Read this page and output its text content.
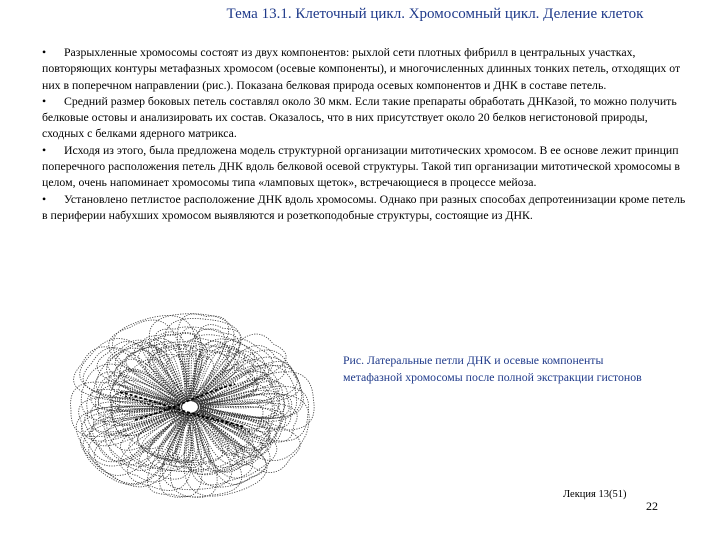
Тема 13.1. Клеточный цикл. Хромосомный цикл. Деление клеток

• Разрыхленные хромосомы состоят из двух компонентов: рыхлой сети плотных фибрилл в центральных участках, повторяющих контуры метафазных хромосом (осевые компоненты), и многочисленных длинных тонких петель, отходящих от них в поперечном направлении (рис.). Показана белковая природа осевых компонентов и ДНК в составе петель.

• Средний размер боковых петель составлял около 30 мкм. Если такие препараты обработать ДНКазой, то можно получить белковые остовы и анализировать их состав. Оказалось, что в них присутствует около 20 белков негистоновой природы, сходных с белками ядерного матрикса.

• Исходя из этого, была предложена модель структурной организации митотических хромосом. В ее основе лежит принцип поперечного расположения петель ДНК вдоль белковой осевой структуры. Такой тип организации митотической хромосомы в целом, очень напоминает хромосомы типа «ламповых щеток», встречающиеся в процессе мейоза.

• Установлено петлистое расположение ДНК вдоль хромосомы. Однако при разных способах депротеинизации кроме петель в периферии набухших хромосом выявляются и розеткоподобные структуры, состоящие из ДНК.

Рис. Латеральные петли ДНК и осевые компоненты метафазной хромосомы после полной экстракции гистонов
Лекция 13(51)
22
